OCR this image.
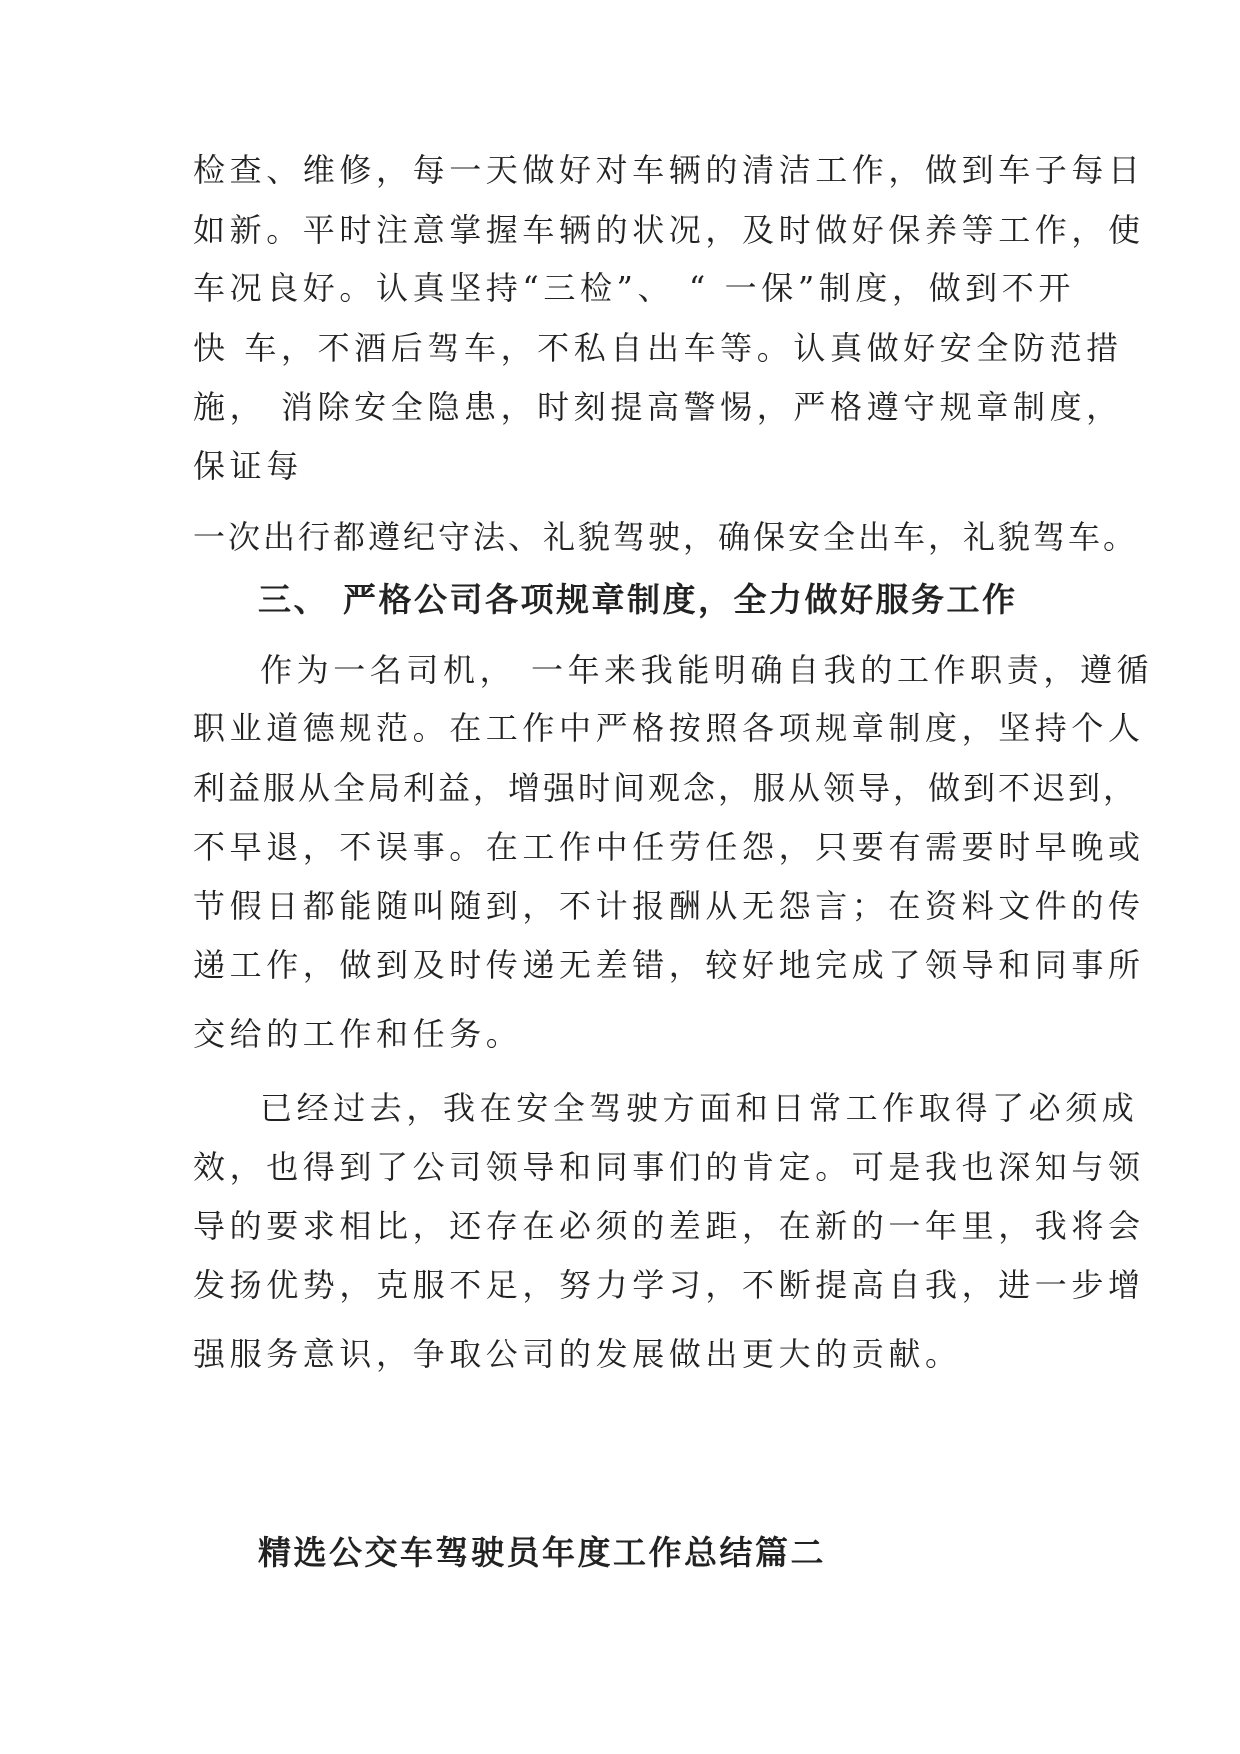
检查、维修，每一天做好对车辆的清洁工作，做到车子每日
如新。平时注意掌握车辆的状况，及时做好保养等工作，使
车况良好。认真坚持“三检”、 “ 一保”制度，做到不开
快 车，不酒后驾车，不私自出车等。认真做好安全防范措
施， 消除安全隐患，时刻提高警惕，严格遵守规章制度，
保证每
一次出行都遵纪守法、礼貌驾驶，确保安全出车，礼貌驾车。
三、 严格公司各项规章制度，全力做好服务工作
作为一名司机， 一年来我能明确自我的工作职责，遵循
职业道德规范。在工作中严格按照各项规章制度，坚持个人
利益服从全局利益，增强时间观念，服从领导，做到不迟到，
不早退，不误事。在工作中任劳任怨，只要有需要时早晚或
节假日都能随叫随到，不计报酬从无怨言；在资料文件的传
递工作，做到及时传递无差错，较好地完成了领导和同事所
交给的工作和任务。
已经过去，我在安全驾驶方面和日常工作取得了必须成
效，也得到了公司领导和同事们的肯定。可是我也深知与领
导的要求相比，还存在必须的差距，在新的一年里，我将会
发扬优势，克服不足，努力学习，不断提高自我，进一步增
强服务意识，争取公司的发展做出更大的贡献。
精选公交车驾驶员年度工作总结篇二
